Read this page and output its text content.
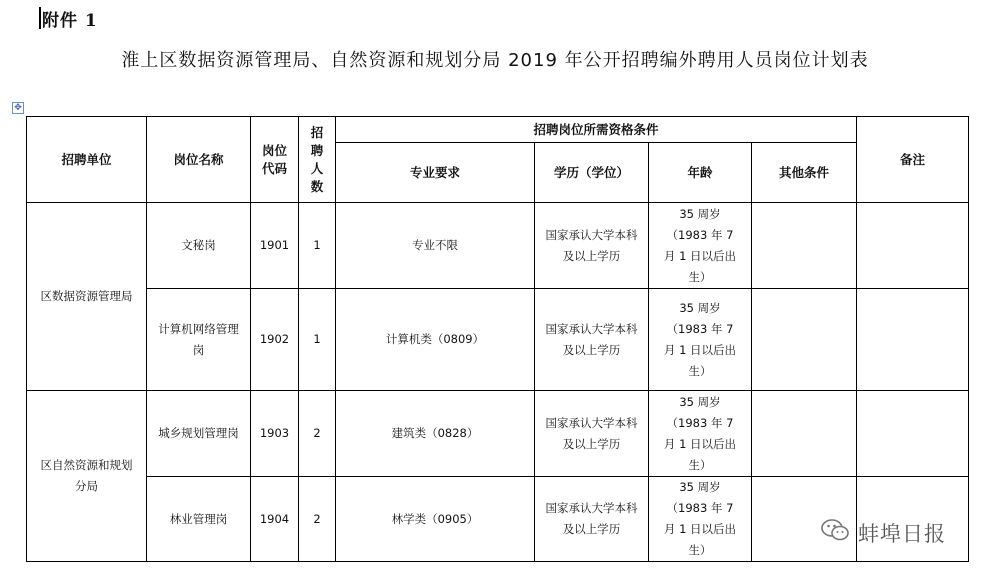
附件 1
淮上区数据资源管理局、自然资源和规划分局 2019 年公开招聘编外聘用人员岗位计划表
✥
招聘单位	岗位名称	岗位代码	招聘人数	招聘岗位所需资格条件				备注
				专业要求	学历（学位）	年龄	其他条件	
区数据资源管理局	文秘岗	1901	1	专业不限	国家承认大学本科及以上学历	35 周岁（1983 年 7 月 1 日以后出生）		
	计算机网络管理岗	1902	1	计算机类（0809）	国家承认大学本科及以上学历	35 周岁（1983 年 7 月 1 日以后出生）		
区自然资源和规划分局	城乡规划管理岗	1903	2	建筑类（0828）	国家承认大学本科及以上学历	35 周岁（1983 年 7 月 1 日以后出生）		
	林业管理岗	1904	2	林学类（0905）	国家承认大学本科及以上学历	35 周岁（1983 年 7 月 1 日以后出生）		
蚌埠日报
